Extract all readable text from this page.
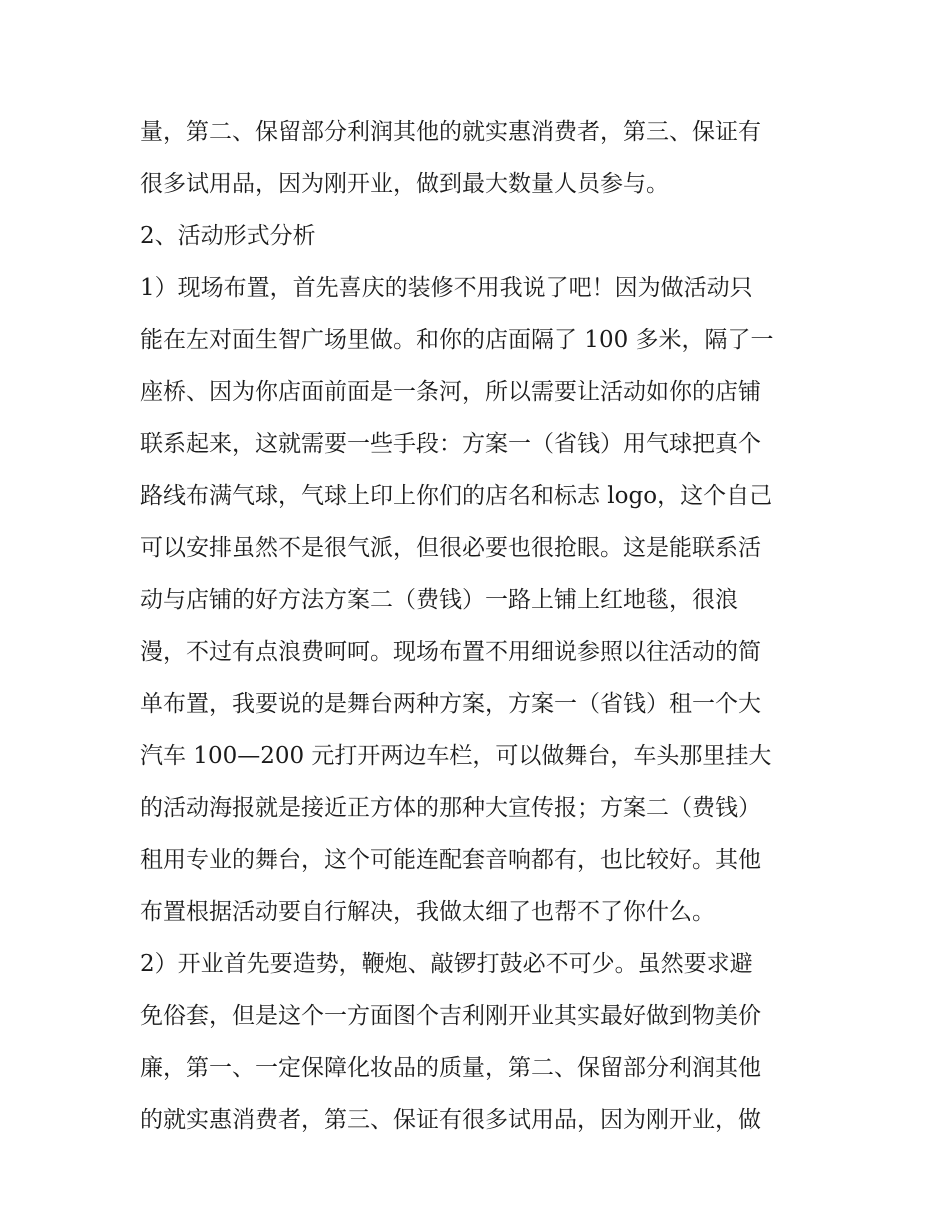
量，第二、保留部分利润其他的就实惠消费者，第三、保证有
很多试用品，因为刚开业，做到最大数量人员参与。
2、活动形式分析
1）现场布置，首先喜庆的装修不用我说了吧！因为做活动只
能在左对面生智广场里做。和你的店面隔了 100 多米，隔了一
座桥、因为你店面前面是一条河，所以需要让活动如你的店铺
联系起来，这就需要一些手段：方案一（省钱）用气球把真个
路线布满气球，气球上印上你们的店名和标志 logo，这个自己
可以安排虽然不是很气派，但很必要也很抢眼。这是能联系活
动与店铺的好方法方案二（费钱）一路上铺上红地毯，很浪
漫，不过有点浪费呵呵。现场布置不用细说参照以往活动的简
单布置，我要说的是舞台两种方案，方案一（省钱）租一个大
汽车 100—200 元打开两边车栏，可以做舞台，车头那里挂大
的活动海报就是接近正方体的那种大宣传报；方案二（费钱）
租用专业的舞台，这个可能连配套音响都有，也比较好。其他
布置根据活动要自行解决，我做太细了也帮不了你什么。
2）开业首先要造势，鞭炮、敲锣打鼓必不可少。虽然要求避
免俗套，但是这个一方面图个吉利刚开业其实最好做到物美价
廉，第一、一定保障化妆品的质量，第二、保留部分利润其他
的就实惠消费者，第三、保证有很多试用品，因为刚开业，做
